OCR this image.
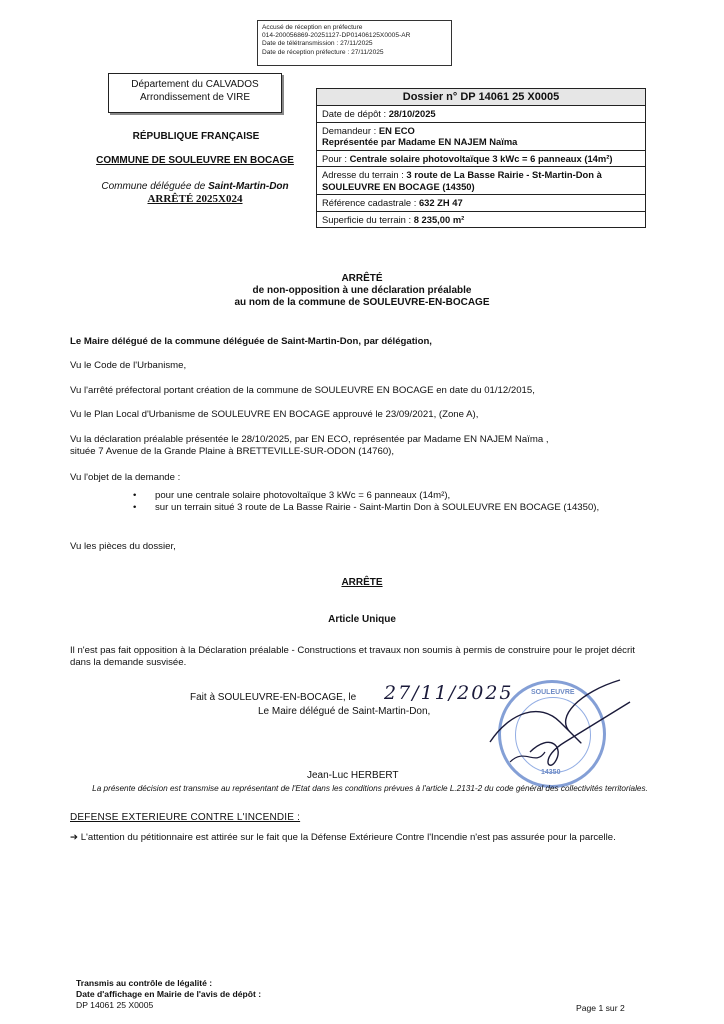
Accusé de réception en préfecture
014-200056869-20251127-DP01406125X0005-AR
Date de télétransmission : 27/11/2025
Date de réception préfecture : 27/11/2025
Département du CALVADOS
Arrondissement de VIRE
RÉPUBLIQUE FRANÇAISE
COMMUNE DE SOULEUVRE EN BOCAGE
Commune déléguée de Saint-Martin-Don
ARRÊTÉ 2025X024
Dossier n° DP 14061 25 X0005
Date de dépôt : 28/10/2025
Demandeur : EN ECO
Représentée par Madame EN NAJEM Naïma
Pour : Centrale solaire photovoltaïque 3 kWc = 6 panneaux (14m²)
Adresse du terrain : 3 route de La Basse Rairie - St-Martin-Don à SOULEUVRE EN BOCAGE (14350)
Référence cadastrale : 632 ZH 47
Superficie du terrain : 8 235,00 m²
ARRÊTÉ
de non-opposition à une déclaration préalable
au nom de la commune de SOULEUVRE-EN-BOCAGE
Le Maire délégué de la commune déléguée de Saint-Martin-Don, par délégation,
Vu le Code de l'Urbanisme,
Vu l'arrêté préfectoral portant création de la commune de SOULEUVRE EN BOCAGE en date du 01/12/2015,
Vu le Plan Local d'Urbanisme de SOULEUVRE EN BOCAGE approuvé le 23/09/2021, (Zone A),
Vu la déclaration préalable présentée le 28/10/2025, par EN ECO, représentée par Madame EN NAJEM Naïma ,
située 7 Avenue de la Grande Plaine à BRETTEVILLE-SUR-ODON (14760),
Vu l'objet de la demande :
• pour une centrale solaire photovoltaïque 3 kWc = 6 panneaux (14m²),
• sur un terrain situé 3 route de La Basse Rairie - Saint-Martin Don à SOULEUVRE EN BOCAGE (14350),
Vu les pièces du dossier,
ARRÊTE
Article Unique
Il n'est pas fait opposition à la Déclaration préalable - Constructions et travaux non soumis à permis de construire pour le projet décrit dans la demande susvisée.
Fait à SOULEUVRE-EN-BOCAGE, le 27/11/2025
Le Maire délégué de Saint-Martin-Don,
SOULEUVRE
14350
Jean-Luc HERBERT
La présente décision est transmise au représentant de l'Etat dans les conditions prévues à l'article L.2131-2 du code général des collectivités territoriales.
DEFENSE EXTERIEURE CONTRE L'INCENDIE :
➔ L'attention du pétitionnaire est attirée sur le fait que la Défense Extérieure Contre l'Incendie n'est pas assurée pour la parcelle.
Transmis au contrôle de légalité :
Date d'affichage en Mairie de l'avis de dépôt :
DP 14061 25 X0005	Page 1 sur 2
